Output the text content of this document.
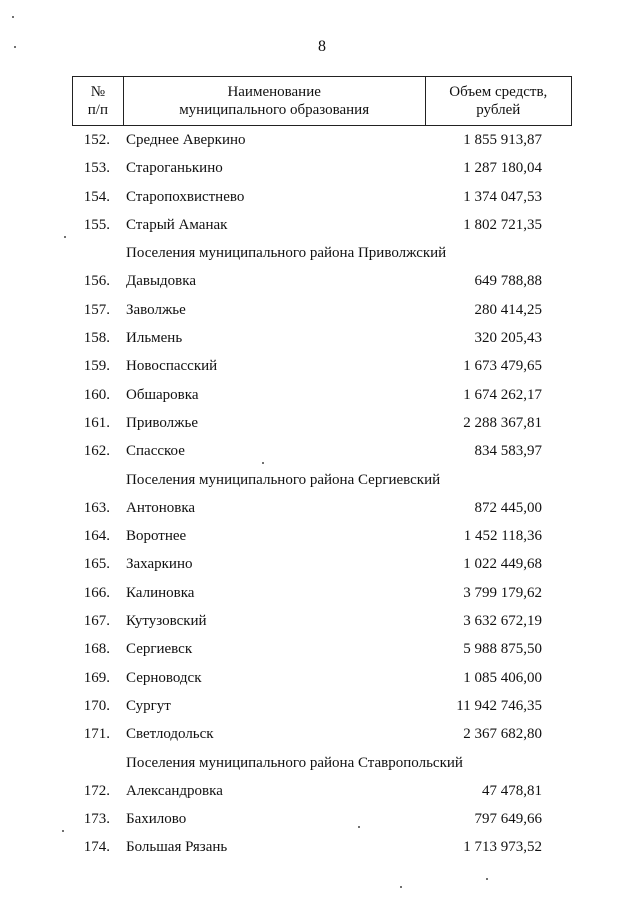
8
№
п/п

Наименование
муниципального образования

Объем средств,
рублей
152. Среднее Аверкино	1 855 913,87
153. Староганькино	1 287 180,04
154. Старопохвистнево	1 374 047,53
155. Старый Аманак	1 802 721,35
Поселения муниципального района Приволжский
156. Давыдовка	649 788,88
157. Заволжье	280 414,25
158. Ильмень	320 205,43
159. Новоспасский	1 673 479,65
160. Обшаровка	1 674 262,17
161. Приволжье	2 288 367,81
162. Спасское	834 583,97
Поселения муниципального района Сергиевский
163. Антоновка	872 445,00
164. Воротнее	1 452 118,36
165. Захаркино	1 022 449,68
166. Калиновка	3 799 179,62
167. Кутузовский	3 632 672,19
168. Сергиевск	5 988 875,50
169. Серноводск	1 085 406,00
170. Сургут	11 942 746,35
171. Светлодольск	2 367 682,80
Поселения муниципального района Ставропольский
172. Александровка	47 478,81
173. Бахилово	797 649,66
174. Большая Рязань	1 713 973,52
